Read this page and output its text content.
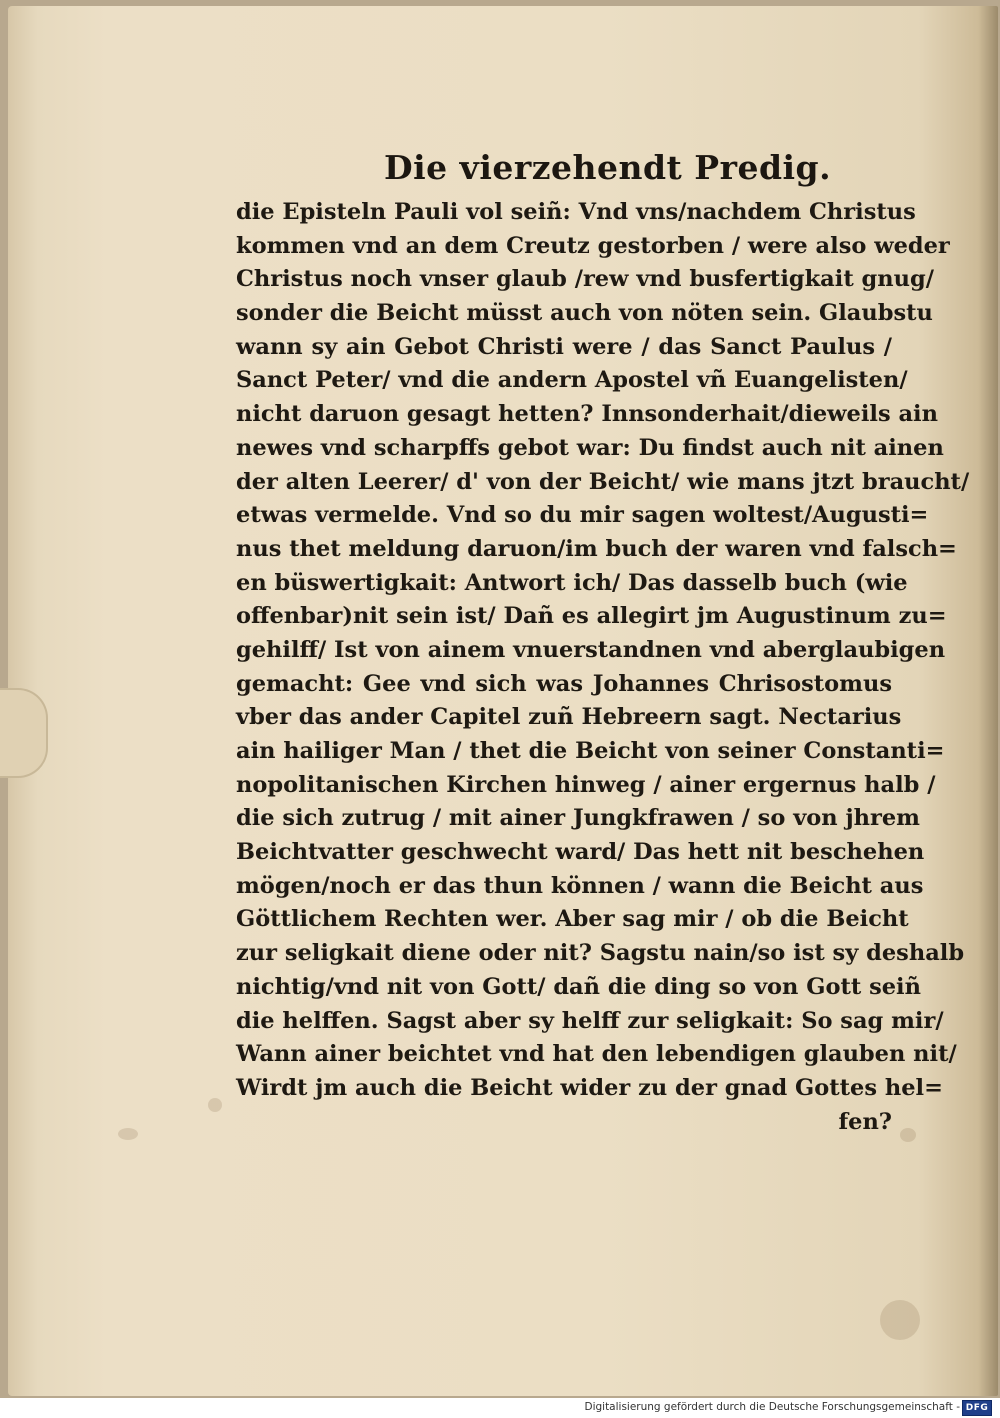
Die vierzehendt Predig.
die Episteln Pauli vol seiñ: Vnd vns/nachdem Christus
kommen vnd an dem Creutz gestorben / were also weder
Christus noch vnser glaub /rew vnd busfertigkait gnug/
sonder die Beicht müsst auch von nöten sein. Glaubstu
wann sy ain Gebot Christi were / das Sanct Paulus /
Sanct Peter/ vnd die andern Apostel vñ Euangelisten/
nicht daruon gesagt hetten? Innsonderhait/dieweils ain
newes vnd scharpffs gebot war: Du findst auch nit ainen
der alten Leerer/ d' von der Beicht/ wie mans jtzt braucht/
etwas vermelde. Vnd so du mir sagen woltest/Augusti=
nus thet meldung daruon/im buch der waren vnd falsch=
en büswertigkait: Antwort ich/ Das dasselb buch (wie
offenbar)nit sein ist/ Dañ es allegirt jm Augustinum zu=
gehilff/ Ist von ainem vnuerstandnen vnd aberglaubigen
gemacht: Gee vnd sich was Johannes Chrisostomus
vber das ander Capitel zuñ Hebreern sagt. Nectarius
ain hailiger Man / thet die Beicht von seiner Constanti=
nopolitanischen Kirchen hinweg / ainer ergernus halb /
die sich zutrug / mit ainer Jungkfrawen / so von jhrem
Beichtvatter geschwecht ward/ Das hett nit beschehen
mögen/noch er das thun können / wann die Beicht aus
Göttlichem Rechten wer. Aber sag mir / ob die Beicht
zur seligkait diene oder nit? Sagstu nain/so ist sy deshalb
nichtig/vnd nit von Gott/ dañ die ding so von Gott seiñ
die helffen. Sagst aber sy helff zur seligkait: So sag mir/
Wann ainer beichtet vnd hat den lebendigen glauben nit/
Wirdt jm auch die Beicht wider zu der gnad Gottes hel=
fen?
Digitalisierung gefördert durch die Deutsche Forschungsgemeinschaft - DFG
